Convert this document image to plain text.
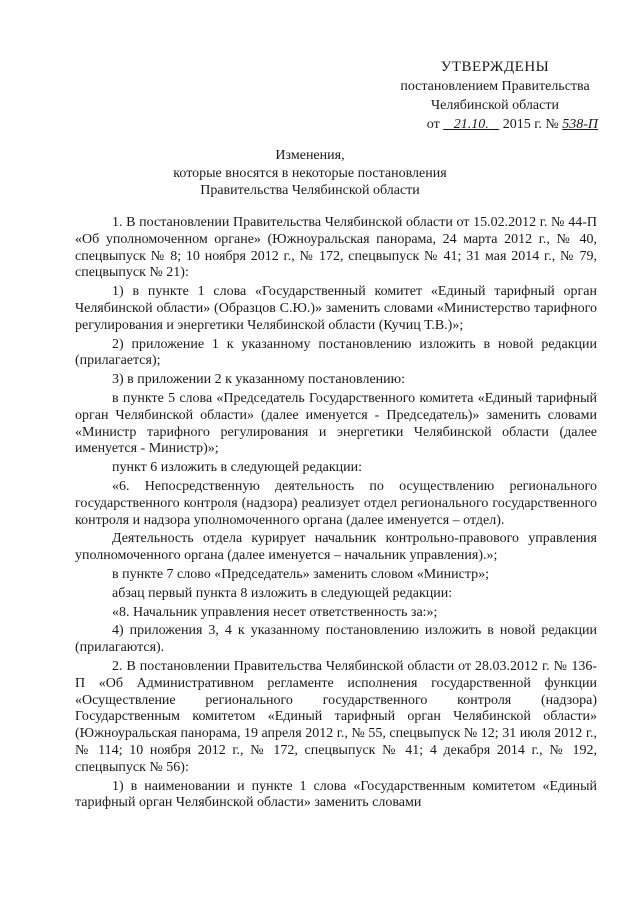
УТВЕРЖДЕНЫ
постановлением Правительства
Челябинской области
от 21.10. 2015 г. № 538-П
Изменения,
которые вносятся в некоторые постановления
Правительства Челябинской области

1. В постановлении Правительства Челябинской области от 15.02.2012 г. № 44-П «Об уполномоченном органе» (Южноуральская панорама, 24 марта 2012 г., № 40, спецвыпуск № 8; 10 ноября 2012 г., № 172, спецвыпуск № 41; 31 мая 2014 г., № 79, спецвыпуск № 21):

1) в пункте 1 слова «Государственный комитет «Единый тарифный орган Челябинской области» (Образцов С.Ю.)» заменить словами «Министерство тарифного регулирования и энергетики Челябинской области (Кучиц Т.В.)»;

2) приложение 1 к указанному постановлению изложить в новой редакции (прилагается);

3) в приложении 2 к указанному постановлению:

в пункте 5 слова «Председатель Государственного комитета «Единый тарифный орган Челябинской области» (далее именуется - Председатель)» заменить словами «Министр тарифного регулирования и энергетики Челябинской области (далее именуется - Министр)»;

пункт 6 изложить в следующей редакции:

«6. Непосредственную деятельность по осуществлению регионального государственного контроля (надзора) реализует отдел регионального государственного контроля и надзора уполномоченного органа (далее именуется – отдел).

Деятельность отдела курирует начальник контрольно-правового управления уполномоченного органа (далее именуется – начальник управления).»;

в пункте 7 слово «Председатель» заменить словом «Министр»;

абзац первый пункта 8 изложить в следующей редакции:

«8. Начальник управления несет ответственность за:»;

4) приложения 3, 4 к указанному постановлению изложить в новой редакции (прилагаются).

2. В постановлении Правительства Челябинской области от 28.03.2012 г. № 136-П «Об Административном регламенте исполнения государственной функции «Осуществление регионального государственного контроля (надзора) Государственным комитетом «Единый тарифный орган Челябинской области» (Южноуральская панорама, 19 апреля 2012 г., № 55, спецвыпуск № 12; 31 июля 2012 г., № 114; 10 ноября 2012 г., № 172, спецвыпуск № 41; 4 декабря 2014 г., № 192, спецвыпуск № 56):

1) в наименовании и пункте 1 слова «Государственным комитетом «Единый тарифный орган Челябинской области» заменить словами
